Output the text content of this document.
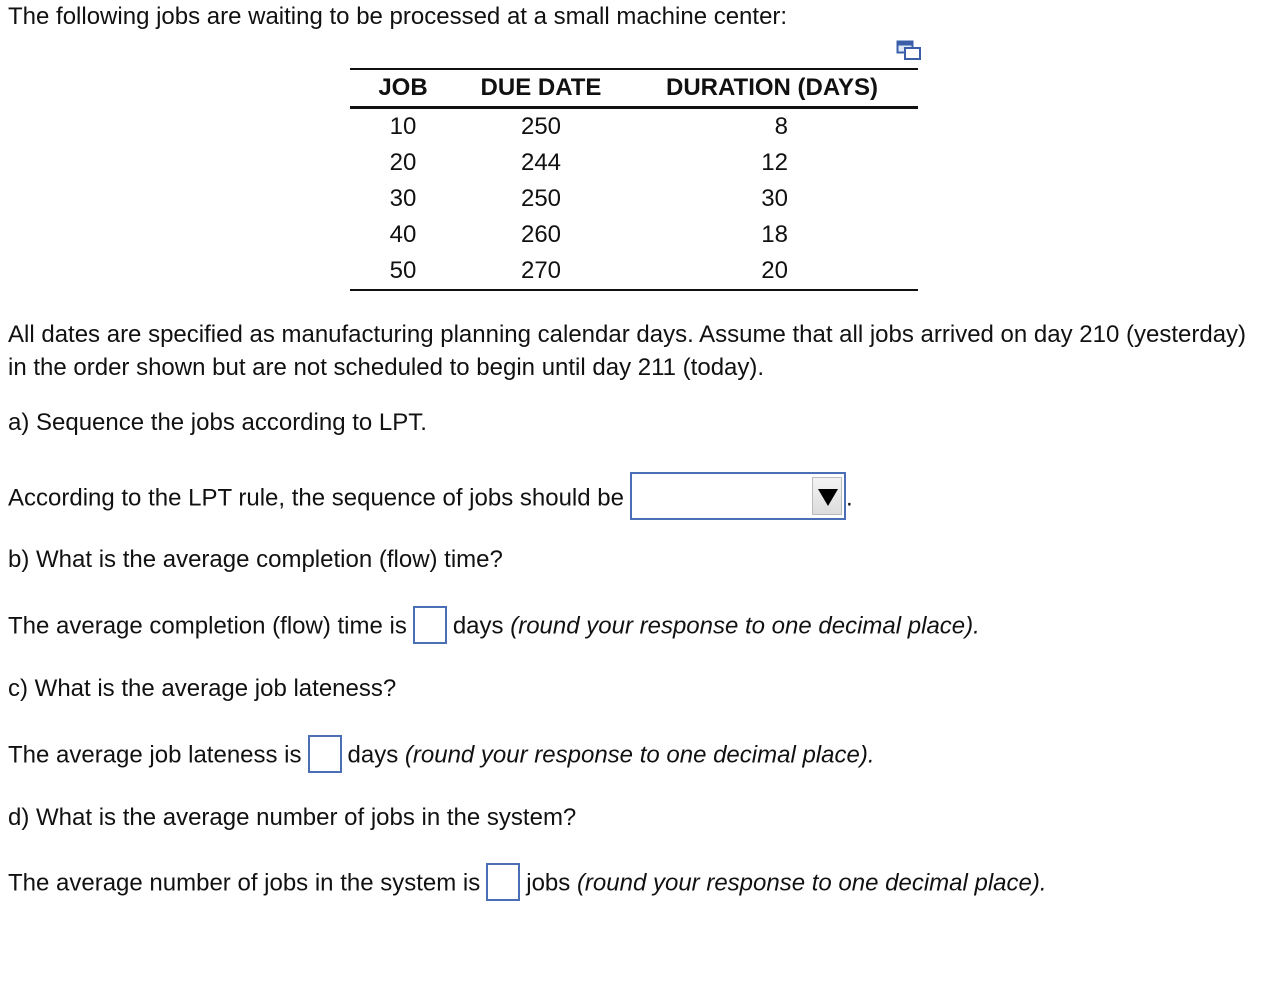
The following jobs are waiting to be processed at a small machine center:
JOB	DUE DATE	DURATION (DAYS)
10	250	8
20	244	12
30	250	30
40	260	18
50	270	20
All dates are specified as manufacturing planning calendar days. Assume that all jobs arrived on day 210 (yesterday) in the order shown but are not scheduled to begin until day 211 (today).
a) Sequence the jobs according to LPT.
According to the LPT rule, the sequence of jobs should be	.
b) What is the average completion (flow) time?
The average completion (flow) time is days (round your response to one decimal place).
c) What is the average job lateness?
The average job lateness is days (round your response to one decimal place).
d) What is the average number of jobs in the system?
The average number of jobs in the system is jobs (round your response to one decimal place).
